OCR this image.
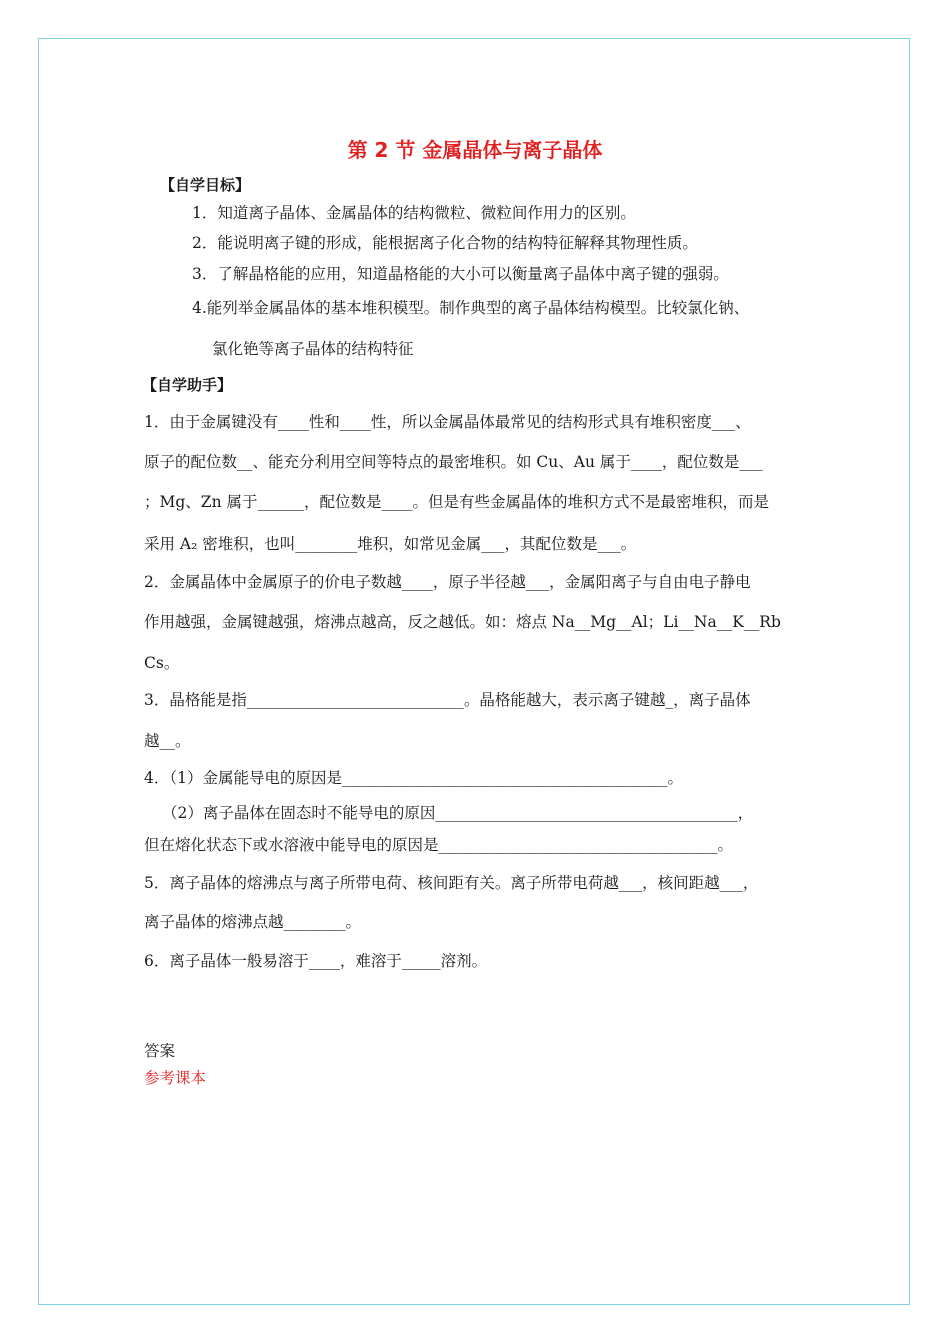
第 2 节 金属晶体与离子晶体
【自学目标】
1．知道离子晶体、金属晶体的结构微粒、微粒间作用力的区别。
2．能说明离子键的形成，能根据离子化合物的结构特征解释其物理性质。
3．了解晶格能的应用，知道晶格能的大小可以衡量离子晶体中离子键的强弱。
4.能列举金属晶体的基本堆积模型。制作典型的离子晶体结构模型。比较氯化钠、
氯化铯等离子晶体的结构特征
【自学助手】
1．由于金属键没有____性和____性，所以金属晶体最常见的结构形式具有堆积密度___、
原子的配位数__、能充分利用空间等特点的最密堆积。如 Cu、Au 属于____，配位数是___
；Mg、Zn 属于______，配位数是____。但是有些金属晶体的堆积方式不是最密堆积，而是
采用 A₂ 密堆积，也叫________堆积，如常见金属___，其配位数是___。
2．金属晶体中金属原子的价电子数越____，原子半径越___，金属阳离子与自由电子静电
作用越强，金属键越强，熔沸点越高，反之越低。如：熔点 Na__Mg__Al；Li__Na__K__Rb
Cs。
3．晶格能是指____________________________。晶格能越大，表示离子键越_，离子晶体
越__。
4．（1）金属能导电的原因是__________________________________________。
（2）离子晶体在固态时不能导电的原因_______________________________________，
但在熔化状态下或水溶液中能导电的原因是____________________________________。
5．离子晶体的熔沸点与离子所带电荷、核间距有关。离子所带电荷越___，核间距越___，
离子晶体的熔沸点越________。
6．离子晶体一般易溶于____，难溶于_____溶剂。
答案
参考课本
